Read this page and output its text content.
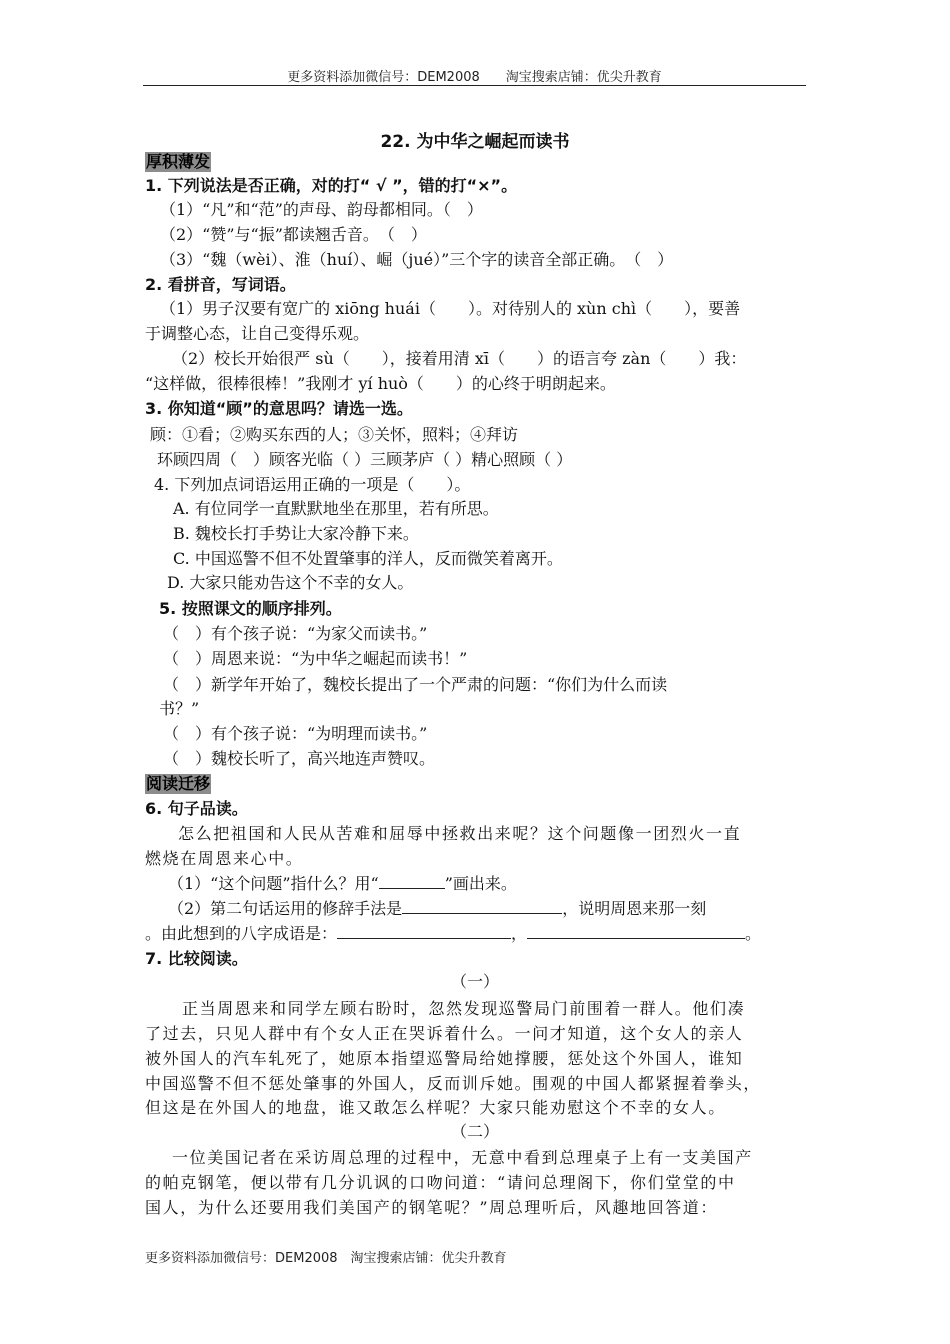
更多资料添加微信号：DEM2008　　淘宝搜索店铺：优尖升教育
22. 为中华之崛起而读书
厚积薄发
1. 下列说法是否正确，对的打“ √ ”，错的打“×”。
（1）“凡”和“范”的声母、韵母都相同。（　）
（2）“赞”与“振”都读翘舌音。　（　）
（3）“魏（wèi）、淮（huí）、崛（jué）”三个字的读音全部正确。　（　）
2. 看拼音，写词语。
（1）男子汉要有宽广的 xiōng huái（　　）。对待别人的 xùn chì（　　），要善
于调整心态，让自己变得乐观。
（2）校长开始很严 sù（　　），接着用清 xī（　　）的语言夸 zàn（　　）我：
“这样做，很棒很棒！”我刚才 yí huò（　　）的心终于明朗起来。
3. 你知道“顾”的意思吗？请选一选。
顾：①看；②购买东西的人；③关怀，照料；④拜访
环顾四周（　）顾客光临（ ）三顾茅庐（ ）精心照顾（ ）
4. 下列加点词语运用正确的一项是（　　）。
A. 有位同学一直默默地坐在那里，若有所思。
B. 魏校长打手势让大家冷静下来。
C. 中国巡警不但不处置肇事的洋人，反而微笑着离开。
D. 大家只能劝告这个不幸的女人。
5. 按照课文的顺序排列。
（　）有个孩子说：“为家父而读书。”
（　）周恩来说：“为中华之崛起而读书！”
（　）新学年开始了，魏校长提出了一个严肃的问题：“你们为什么而读
书？”
（　）有个孩子说：“为明理而读书。”
（　）魏校长听了，高兴地连声赞叹。
阅读迁移
6. 句子品读。
怎么把祖国和人民从苦难和屈辱中拯救出来呢？这个问题像一团烈火一直
燃烧在周恩来心中。
（1）“这个问题”指什么？用“	”画出来。
（2）第二句话运用的修辞手法是	，说明周恩来那一刻
。由此想到的八字成语是：	，	。
7. 比较阅读。
（一）
正当周恩来和同学左顾右盼时，忽然发现巡警局门前围着一群人。他们凑
了过去，只见人群中有个女人正在哭诉着什么。一问才知道，这个女人的亲人
被外国人的汽车轧死了，她原本指望巡警局给她撑腰，惩处这个外国人，谁知
中国巡警不但不惩处肇事的外国人，反而训斥她。围观的中国人都紧握着拳头，
但这是在外国人的地盘，谁又敢怎么样呢？大家只能劝慰这个不幸的女人。
（二）
一位美国记者在采访周总理的过程中，无意中看到总理桌子上有一支美国产
的帕克钢笔，便以带有几分讥讽的口吻问道：“请问总理阁下，你们堂堂的中
国人，为什么还要用我们美国产的钢笔呢？”周总理听后，风趣地回答道：
更多资料添加微信号：DEM2008　淘宝搜索店铺：优尖升教育
